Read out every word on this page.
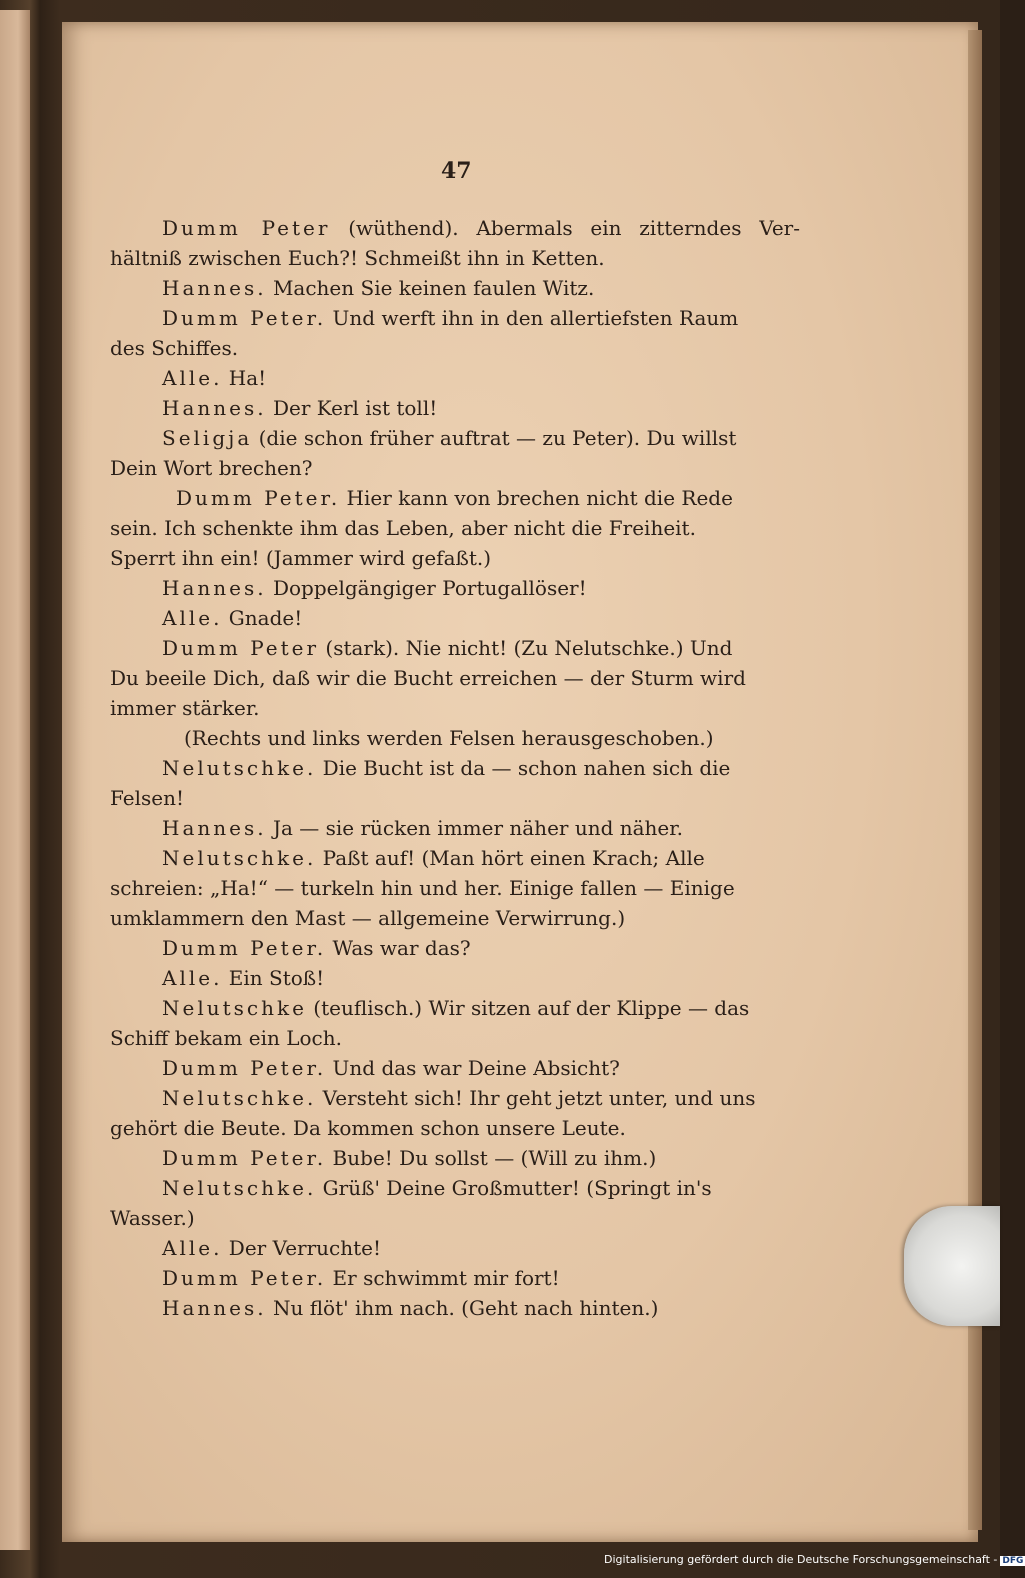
47
Dumm Peter (wüthend). Abermals ein zitterndes Ver-
hältniß zwischen Euch?! Schmeißt ihn in Ketten.
Hannes. Machen Sie keinen faulen Witz.
Dumm Peter. Und werft ihn in den allertiefsten Raum
des Schiffes.
Alle. Ha!
Hannes. Der Kerl ist toll!
Seligja (die schon früher auftrat — zu Peter). Du willst
Dein Wort brechen?
Dumm Peter. Hier kann von brechen nicht die Rede
sein. Ich schenkte ihm das Leben, aber nicht die Freiheit.
Sperrt ihn ein! (Jammer wird gefaßt.)
Hannes. Doppelgängiger Portugallöser!
Alle. Gnade!
Dumm Peter (stark). Nie nicht! (Zu Nelutschke.) Und
Du beeile Dich, daß wir die Bucht erreichen — der Sturm wird
immer stärker.
(Rechts und links werden Felsen herausgeschoben.)
Nelutschke. Die Bucht ist da — schon nahen sich die
Felsen!
Hannes. Ja — sie rücken immer näher und näher.
Nelutschke. Paßt auf! (Man hört einen Krach; Alle
schreien: „Ha!“ — turkeln hin und her. Einige fallen — Einige
umklammern den Mast — allgemeine Verwirrung.)
Dumm Peter. Was war das?
Alle. Ein Stoß!
Nelutschke (teuflisch.) Wir sitzen auf der Klippe — das
Schiff bekam ein Loch.
Dumm Peter. Und das war Deine Absicht?
Nelutschke. Versteht sich! Ihr geht jetzt unter, und uns
gehört die Beute. Da kommen schon unsere Leute.
Dumm Peter. Bube! Du sollst — (Will zu ihm.)
Nelutschke. Grüß' Deine Großmutter! (Springt in's
Wasser.)
Alle. Der Verruchte!
Dumm Peter. Er schwimmt mir fort!
Hannes. Nu flöt' ihm nach. (Geht nach hinten.)
Digitalisierung gefördert durch die Deutsche Forschungsgemeinschaft - DFG
